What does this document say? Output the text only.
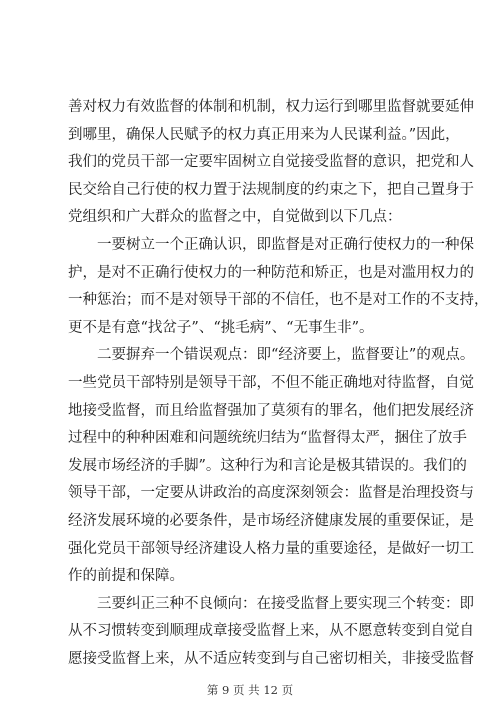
善对权力有效监督的体制和机制，权力运行到哪里监督就要延伸
到哪里，确保人民赋予的权力真正用来为人民谋利益。”因此，
我们的党员干部一定要牢固树立自觉接受监督的意识，把党和人
民交给自己行使的权力置于法规制度的约束之下，把自己置身于
党组织和广大群众的监督之中，自觉做到以下几点：
一要树立一个正确认识，即监督是对正确行使权力的一种保
护，是对不正确行使权力的一种防范和矫正，也是对滥用权力的
一种惩治；而不是对领导干部的不信任，也不是对工作的不支持，
更不是有意“找岔子”、“挑毛病”、“无事生非”。
二要摒弃一个错误观点：即“经济要上，监督要让”的观点。
一些党员干部特别是领导干部，不但不能正确地对待监督，自觉
地接受监督，而且给监督强加了莫须有的罪名，他们把发展经济
过程中的种种困难和问题统统归结为“监督得太严，捆住了放手
发展市场经济的手脚”。这种行为和言论是极其错误的。我们的
领导干部，一定要从讲政治的高度深刻领会：监督是治理投资与
经济发展环境的必要条件，是市场经济健康发展的重要保证，是
强化党员干部领导经济建设人格力量的重要途径，是做好一切工
作的前提和保障。
三要纠正三种不良倾向：在接受监督上要实现三个转变：即
从不习惯转变到顺理成章接受监督上来，从不愿意转变到自觉自
愿接受监督上来，从不适应转变到与自己密切相关，非接受监督
第 9 页 共 12 页
